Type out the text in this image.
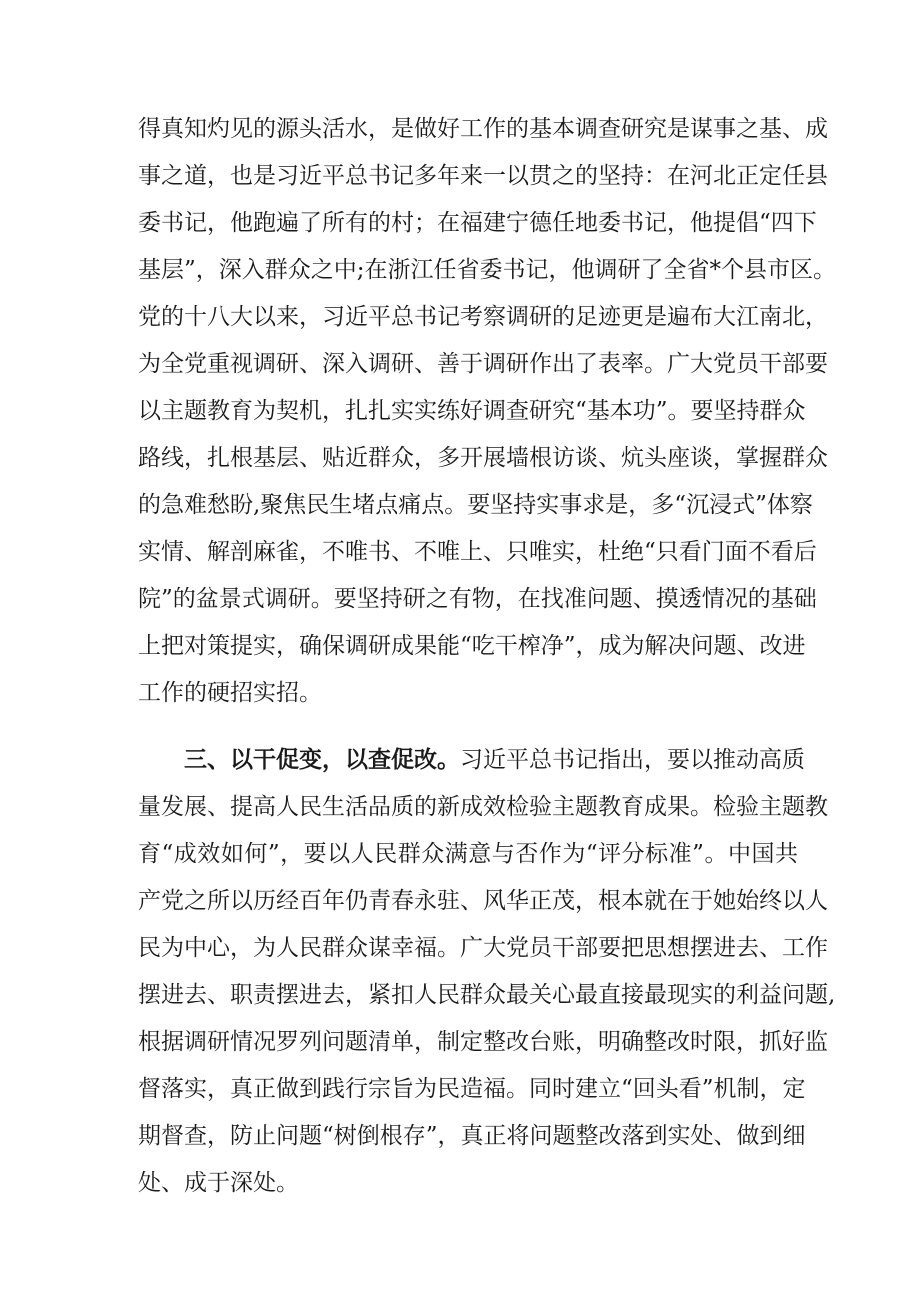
得真知灼见的源头活水，是做好工作的基本调查研究是谋事之基、成
事之道，也是习近平总书记多年来一以贯之的坚持：在河北正定任县
委书记，他跑遍了所有的村；在福建宁德任地委书记，他提倡“四下
基层”，深入群众之中;在浙江任省委书记，他调研了全省*个县市区。
党的十八大以来，习近平总书记考察调研的足迹更是遍布大江南北，
为全党重视调研、深入调研、善于调研作出了表率。广大党员干部要
以主题教育为契机，扎扎实实练好调查研究“基本功”。要坚持群众
路线，扎根基层、贴近群众，多开展墙根访谈、炕头座谈，掌握群众
的急难愁盼,聚焦民生堵点痛点。要坚持实事求是，多“沉浸式”体察
实情、解剖麻雀，不唯书、不唯上、只唯实，杜绝“只看门面不看后
院”的盆景式调研。要坚持研之有物，在找准问题、摸透情况的基础
上把对策提实，确保调研成果能“吃干榨净”，成为解决问题、改进
工作的硬招实招。
三、以干促变，以查促改。习近平总书记指出，要以推动高质
量发展、提高人民生活品质的新成效检验主题教育成果。检验主题教
育“成效如何”，要以人民群众满意与否作为“评分标准”。中国共
产党之所以历经百年仍青春永驻、风华正茂，根本就在于她始终以人
民为中心，为人民群众谋幸福。广大党员干部要把思想摆进去、工作
摆进去、职责摆进去，紧扣人民群众最关心最直接最现实的利益问题,
根据调研情况罗列问题清单，制定整改台账，明确整改时限，抓好监
督落实，真正做到践行宗旨为民造福。同时建立“回头看”机制，定
期督查，防止问题“树倒根存”，真正将问题整改落到实处、做到细
处、成于深处。
